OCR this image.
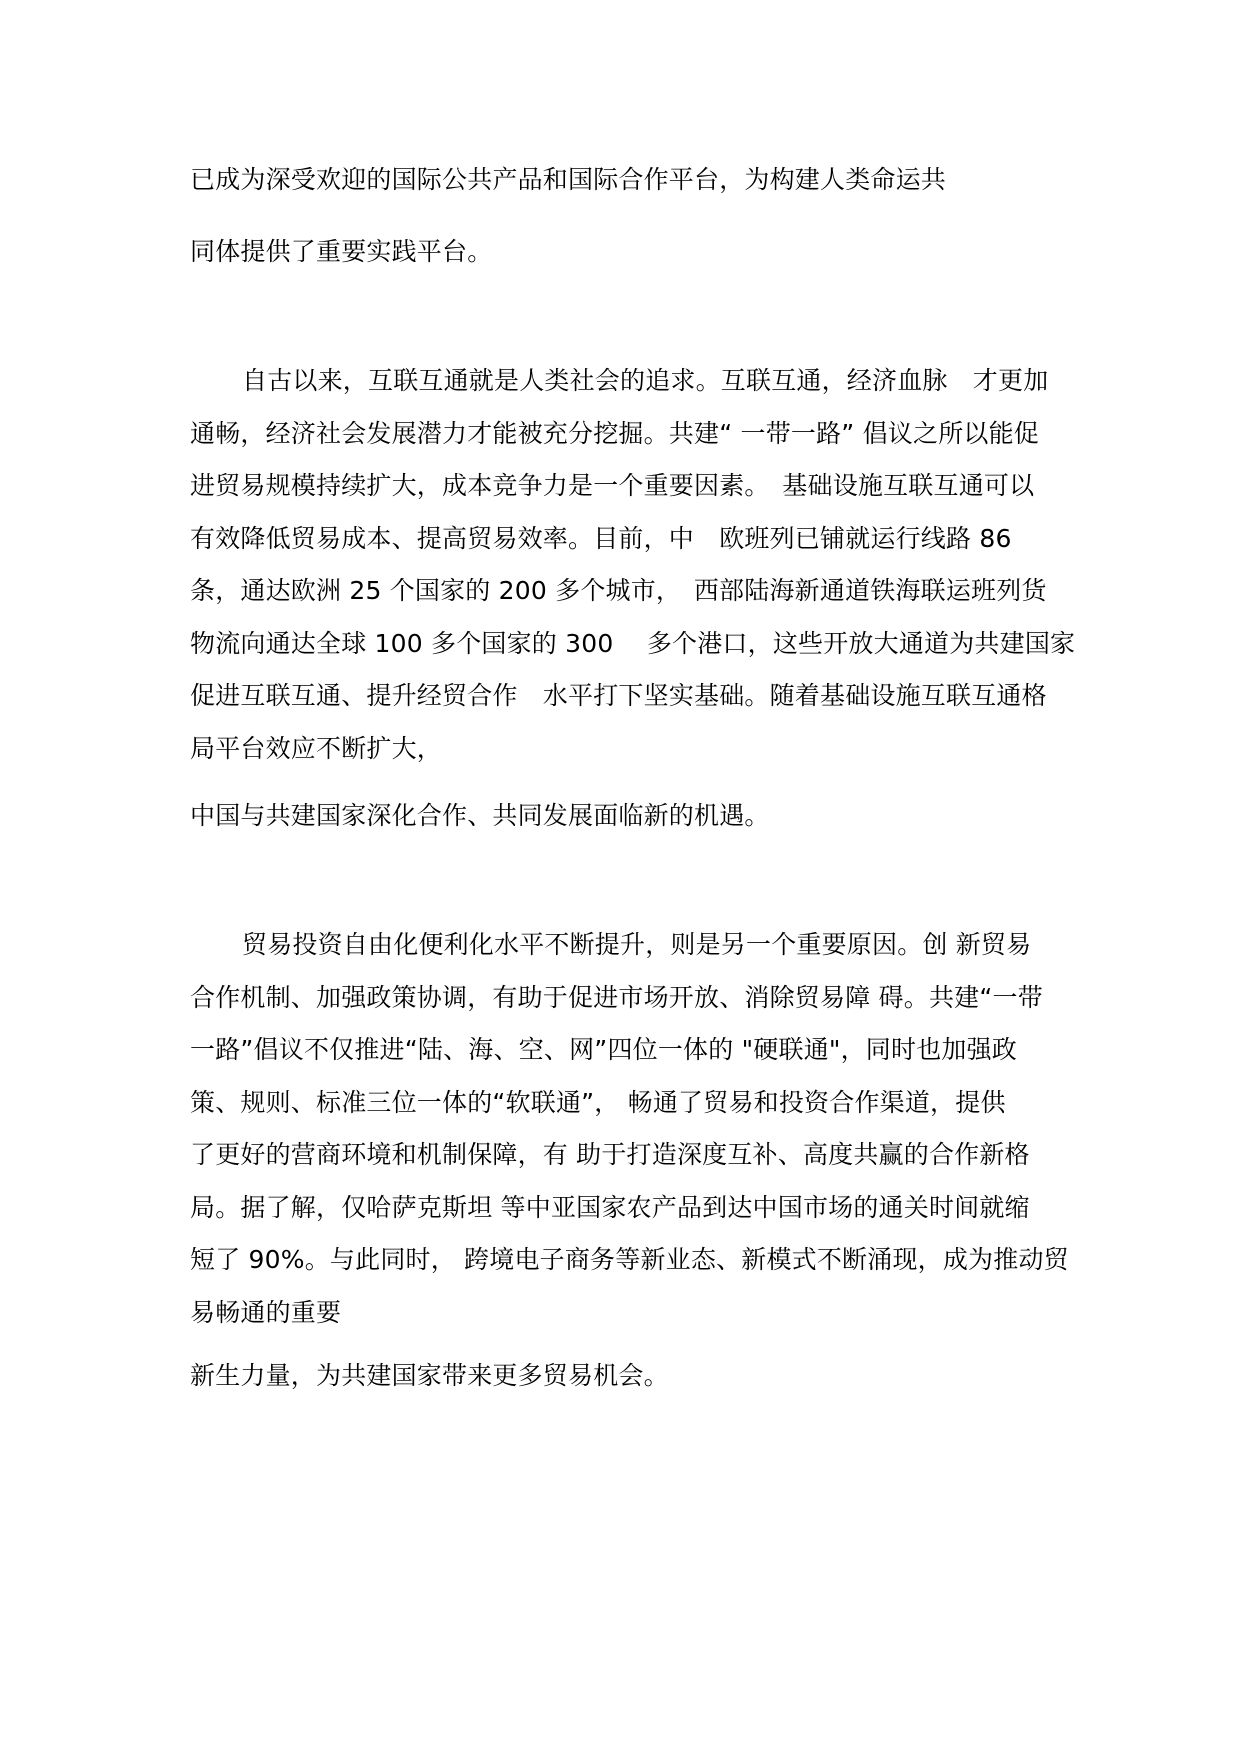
已成为深受欢迎的国际公共产品和国际合作平台，为构建人类命运共
同体提供了重要实践平台。
自古以来，互联互通就是人类社会的追求。互联互通，经济血脉　才更加
通畅，经济社会发展潜力才能被充分挖掘。共建“ 一带一路” 倡议之所以能促
进贸易规模持续扩大，成本竞争力是一个重要因素。　基础设施互联互通可以
有效降低贸易成本、提高贸易效率。目前，中　欧班列已铺就运行线路 86
条，通达欧洲 25 个国家的 200 多个城市，　西部陆海新通道铁海联运班列货
物流向通达全球 100 多个国家的 300　 多个港口，这些开放大通道为共建国家
促进互联互通、提升经贸合作　水平打下坚实基础。随着基础设施互联互通格
局平台效应不断扩大，
中国与共建国家深化合作、共同发展面临新的机遇。
贸易投资自由化便利化水平不断提升，则是另一个重要原因。创 新贸易
合作机制、加强政策协调，有助于促进市场开放、消除贸易障 碍。共建“一带
一路”倡议不仅推进“陆、海、空、网”四位一体的 "硬联通"，同时也加强政
策、规则、标准三位一体的“软联通”， 畅通了贸易和投资合作渠道，提供
了更好的营商环境和机制保障，有 助于打造深度互补、高度共赢的合作新格
局。据了解，仅哈萨克斯坦 等中亚国家农产品到达中国市场的通关时间就缩
短了 90%。与此同时， 跨境电子商务等新业态、新模式不断涌现，成为推动贸
易畅通的重要
新生力量，为共建国家带来更多贸易机会。
